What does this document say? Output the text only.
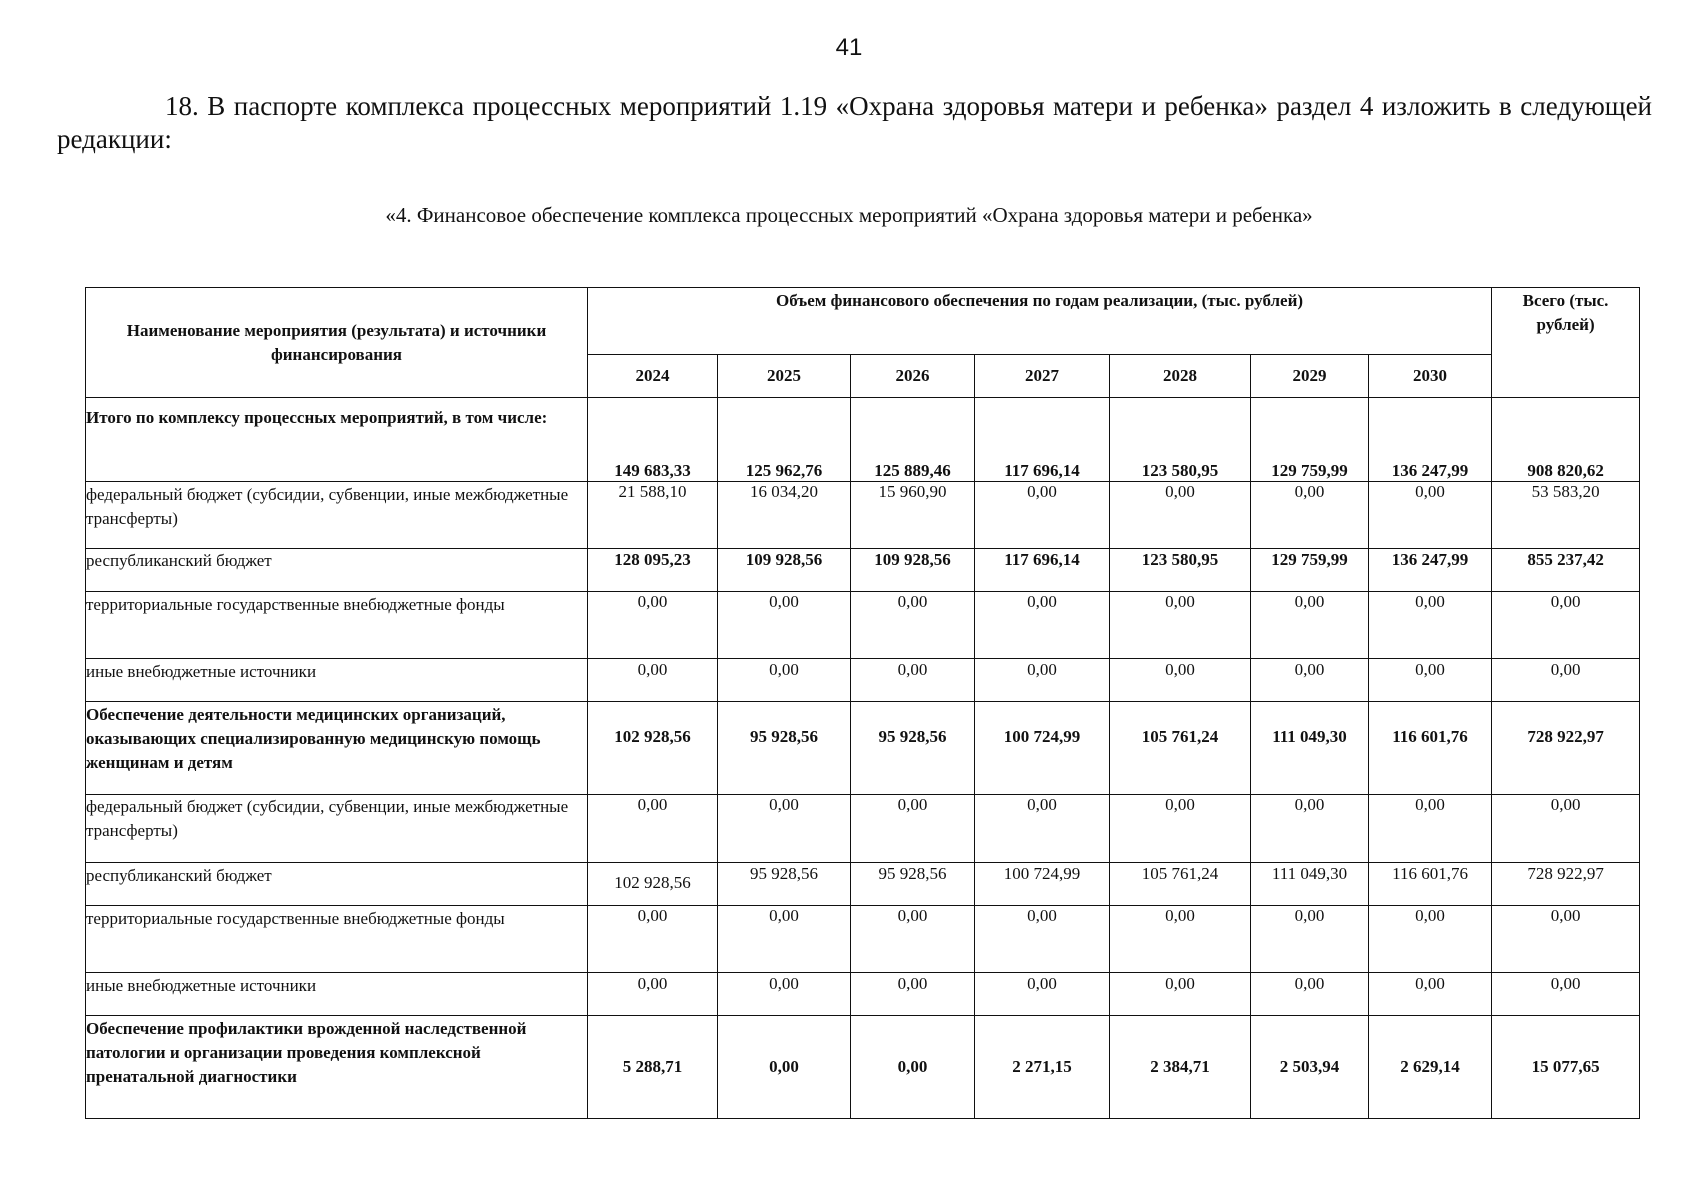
41

18. В паспорте комплекса процессных мероприятий 1.19 «Охрана здоровья матери и ребенка» раздел 4 изложить в следующей редакции:

«4. Финансовое обеспечение комплекса процессных мероприятий «Охрана здоровья матери и ребенка»
Наименование мероприятия (результата) и источники финансирования	Объем финансового обеспечения по годам реализации, (тыс. рублей)							Всего (тыс. рублей)
	2024	2025	2026	2027	2028	2029	2030	
Итого по комплексу процессных мероприятий, в том числе:	149 683,33	125 962,76	125 889,46	117 696,14	123 580,95	129 759,99	136 247,99	908 820,62
федеральный бюджет (субсидии, субвенции, иные межбюджетные трансферты)	21 588,10	16 034,20	15 960,90	0,00	0,00	0,00	0,00	53 583,20
республиканский бюджет	128 095,23	109 928,56	109 928,56	117 696,14	123 580,95	129 759,99	136 247,99	855 237,42
территориальные государственные внебюджетные фонды	0,00	0,00	0,00	0,00	0,00	0,00	0,00	0,00
иные внебюджетные источники	0,00	0,00	0,00	0,00	0,00	0,00	0,00	0,00
Обеспечение деятельности медицинских организаций, оказывающих специализированную медицинскую помощь женщинам и детям	102 928,56	95 928,56	95 928,56	100 724,99	105 761,24	111 049,30	116 601,76	728 922,97
федеральный бюджет (субсидии, субвенции, иные межбюджетные трансферты)	0,00	0,00	0,00	0,00	0,00	0,00	0,00	0,00
республиканский бюджет	102 928,56	95 928,56	95 928,56	100 724,99	105 761,24	111 049,30	116 601,76	728 922,97
территориальные государственные внебюджетные фонды	0,00	0,00	0,00	0,00	0,00	0,00	0,00	0,00
иные внебюджетные источники	0,00	0,00	0,00	0,00	0,00	0,00	0,00	0,00
Обеспечение профилактики врожденной наследственной патологии и организации проведения комплексной пренатальной диагностики	5 288,71	0,00	0,00	2 271,15	2 384,71	2 503,94	2 629,14	15 077,65
